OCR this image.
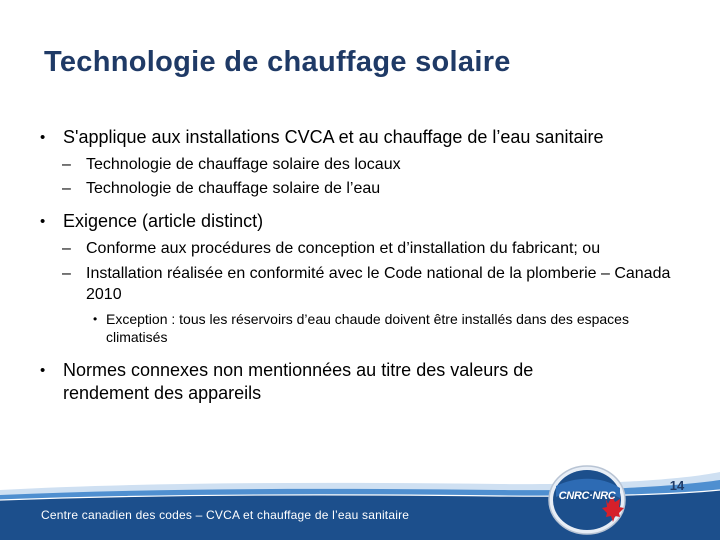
Technologie de chauffage solaire
• S'applique aux installations CVCA et au chauffage de l’eau sanitaire
– Technologie de chauffage solaire des locaux
– Technologie de chauffage solaire de l’eau
• Exigence (article distinct)
– Conforme aux procédures de conception et d’installation du fabricant; ou
– Installation réalisée en conformité avec le Code national de la plomberie – Canada 2010
• Exception : tous les réservoirs d’eau chaude doivent être installés dans des espaces climatisés
• Normes connexes non mentionnées au titre des valeurs de rendement des appareils
Centre canadien des codes – CVCA et chauffage de l’eau sanitaire
CNRC·NRC
14
